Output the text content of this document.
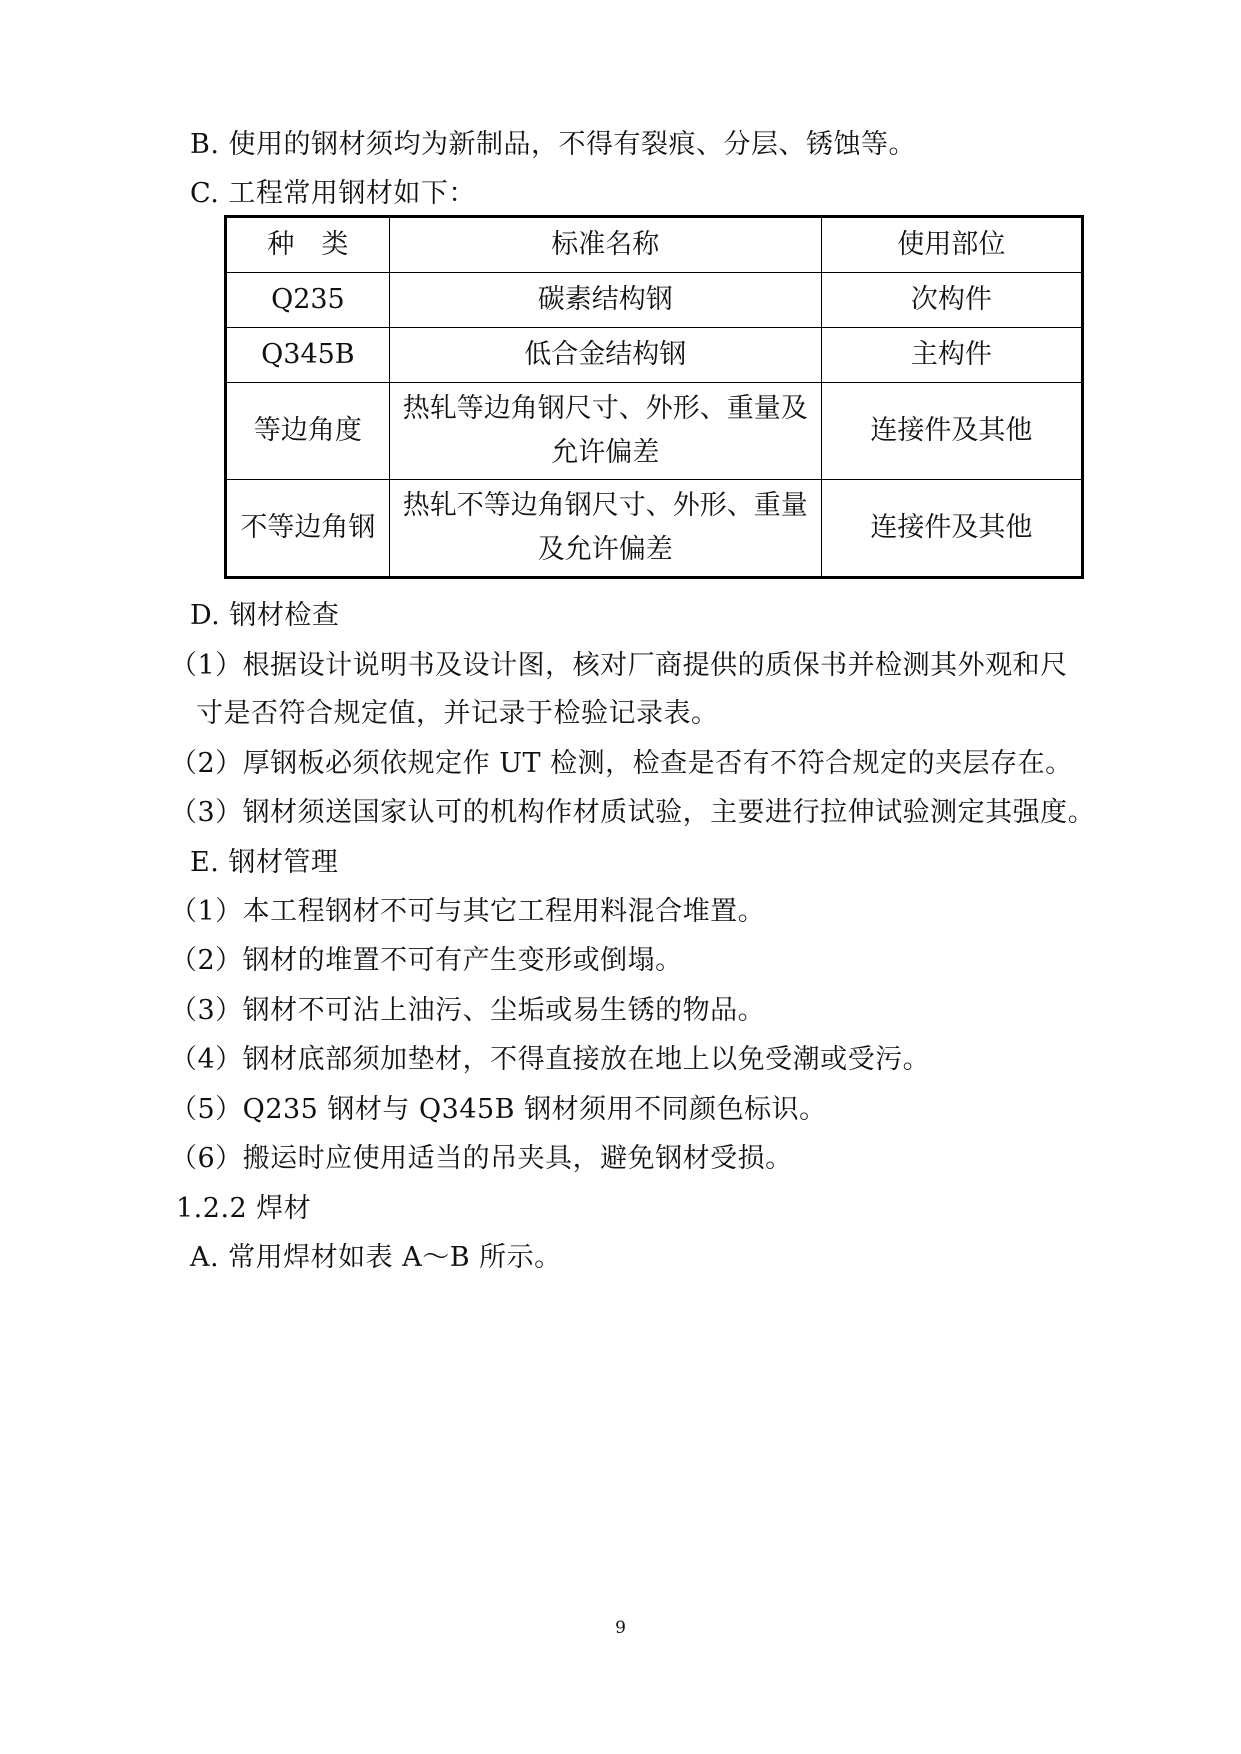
B. 使用的钢材须均为新制品，不得有裂痕、分层、锈蚀等。
C. 工程常用钢材如下：
种　类	标准名称	使用部位
Q235	碳素结构钢	次构件
Q345B	低合金结构钢	主构件
等边角度	热轧等边角钢尺寸、外形、重量及允许偏差	连接件及其他
不等边角钢	热轧不等边角钢尺寸、外形、重量及允许偏差	连接件及其他
D. 钢材检查
（1）根据设计说明书及设计图，核对厂商提供的质保书并检测其外观和尺
寸是否符合规定值，并记录于检验记录表。
（2）厚钢板必须依规定作 UT 检测，检查是否有不符合规定的夹层存在。
（3）钢材须送国家认可的机构作材质试验，主要进行拉伸试验测定其强度。
E. 钢材管理
（1）本工程钢材不可与其它工程用料混合堆置。
（2）钢材的堆置不可有产生变形或倒塌。
（3）钢材不可沾上油污、尘垢或易生锈的物品。
（4）钢材底部须加垫材，不得直接放在地上以免受潮或受污。
（5）Q235 钢材与 Q345B 钢材须用不同颜色标识。
（6）搬运时应使用适当的吊夹具，避免钢材受损。
1.2.2 焊材
A. 常用焊材如表 A～B 所示。
9
